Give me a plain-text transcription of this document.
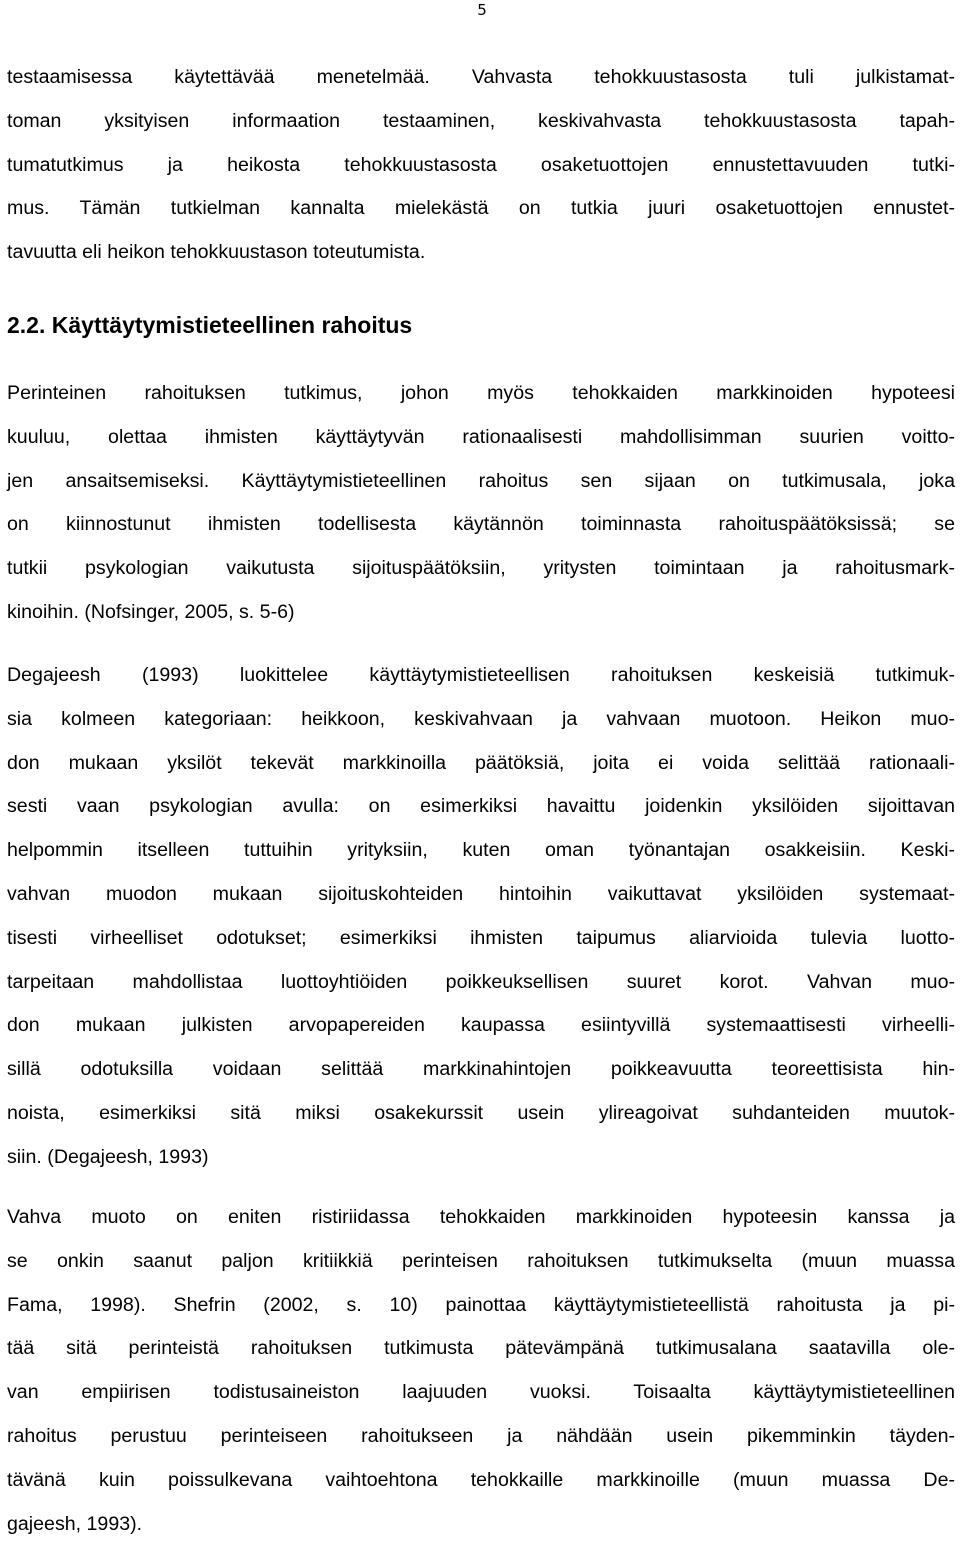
5

testaamisessa käytettävää menetelmää. Vahvasta tehokkuustasosta tuli julkistamat-
toman yksityisen informaation testaaminen, keskivahvasta tehokkuustasosta tapah-
tumatutkimus ja heikosta tehokkuustasosta osaketuottojen ennustettavuuden tutki-
mus. Tämän tutkielman kannalta mielekästä on tutkia juuri osaketuottojen ennustet-
tavuutta eli heikon tehokkuustason toteutumista.

2.2. Käyttäytymistieteellinen rahoitus

Perinteinen rahoituksen tutkimus, johon myös tehokkaiden markkinoiden hypoteesi
kuuluu, olettaa ihmisten käyttäytyvän rationaalisesti mahdollisimman suurien voitto-
jen ansaitsemiseksi. Käyttäytymistieteellinen rahoitus sen sijaan on tutkimusala, joka
on kiinnostunut ihmisten todellisesta käytännön toiminnasta rahoituspäätöksissä; se
tutkii psykologian vaikutusta sijoituspäätöksiin, yritysten toimintaan ja rahoitusmark-
kinoihin. (Nofsinger, 2005, s. 5-6)

Degajeesh (1993) luokittelee käyttäytymistieteellisen rahoituksen keskeisiä tutkimuk-
sia kolmeen kategoriaan: heikkoon, keskivahvaan ja vahvaan muotoon. Heikon muo-
don mukaan yksilöt tekevät markkinoilla päätöksiä, joita ei voida selittää rationaali-
sesti vaan psykologian avulla: on esimerkiksi havaittu joidenkin yksilöiden sijoittavan
helpommin itselleen tuttuihin yrityksiin, kuten oman työnantajan osakkeisiin. Keski-
vahvan muodon mukaan sijoituskohteiden hintoihin vaikuttavat yksilöiden systemaat-
tisesti virheelliset odotukset; esimerkiksi ihmisten taipumus aliarvioida tulevia luotto-
tarpeitaan mahdollistaa luottoyhtiöiden poikkeuksellisen suuret korot. Vahvan muo-
don mukaan julkisten arvopapereiden kaupassa esiintyvillä systemaattisesti virheelli-
sillä odotuksilla voidaan selittää markkinahintojen poikkeavuutta teoreettisista hin-
noista, esimerkiksi sitä miksi osakekurssit usein ylireagoivat suhdanteiden muutok-
siin. (Degajeesh, 1993)

Vahva muoto on eniten ristiriidassa tehokkaiden markkinoiden hypoteesin kanssa ja
se onkin saanut paljon kritiikkiä perinteisen rahoituksen tutkimukselta (muun muassa
Fama, 1998). Shefrin (2002, s. 10) painottaa käyttäytymistieteellistä rahoitusta ja pi-
tää sitä perinteistä rahoituksen tutkimusta pätevämpänä tutkimusalana saatavilla ole-
van empiirisen todistusaineiston laajuuden vuoksi. Toisaalta käyttäytymistieteellinen
rahoitus perustuu perinteiseen rahoitukseen ja nähdään usein pikemminkin täyden-
tävänä kuin poissulkevana vaihtoehtona tehokkaille markkinoille (muun muassa De-
gajeesh, 1993).
